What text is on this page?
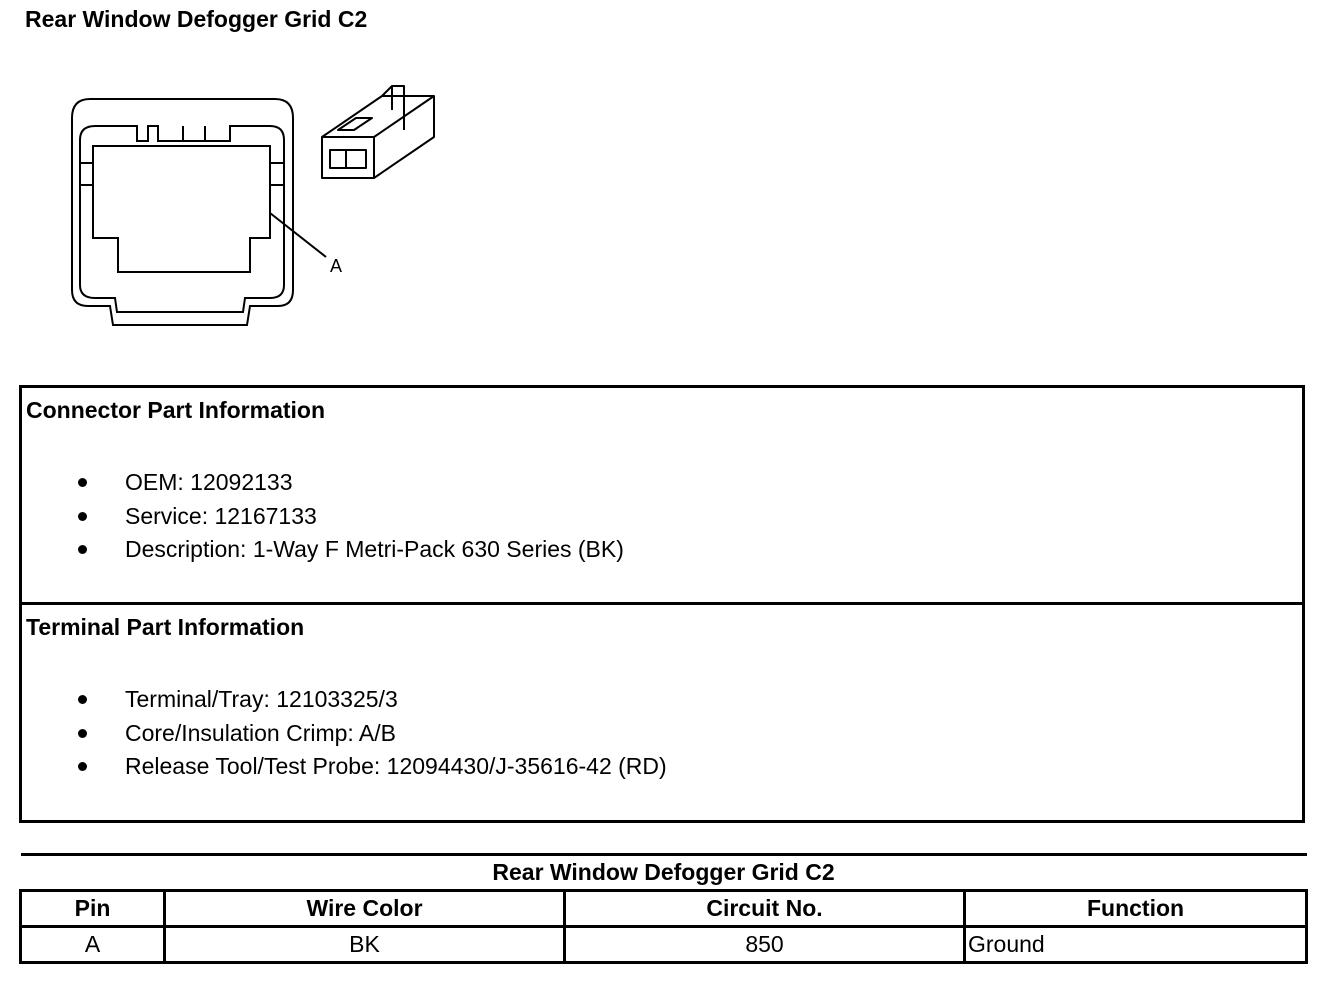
Rear Window Defogger Grid C2
A
Connector Part Information
OEM: 12092133
Service: 12167133
Description: 1-Way F Metri-Pack 630 Series (BK)
Terminal Part Information
Terminal/Tray: 12103325/3
Core/Insulation Crimp: A/B
Release Tool/Test Probe: 12094430/J-35616-42 (RD)
Rear Window Defogger Grid C2			
Pin	Wire Color	Circuit No.	Function
A	BK	850	Ground
